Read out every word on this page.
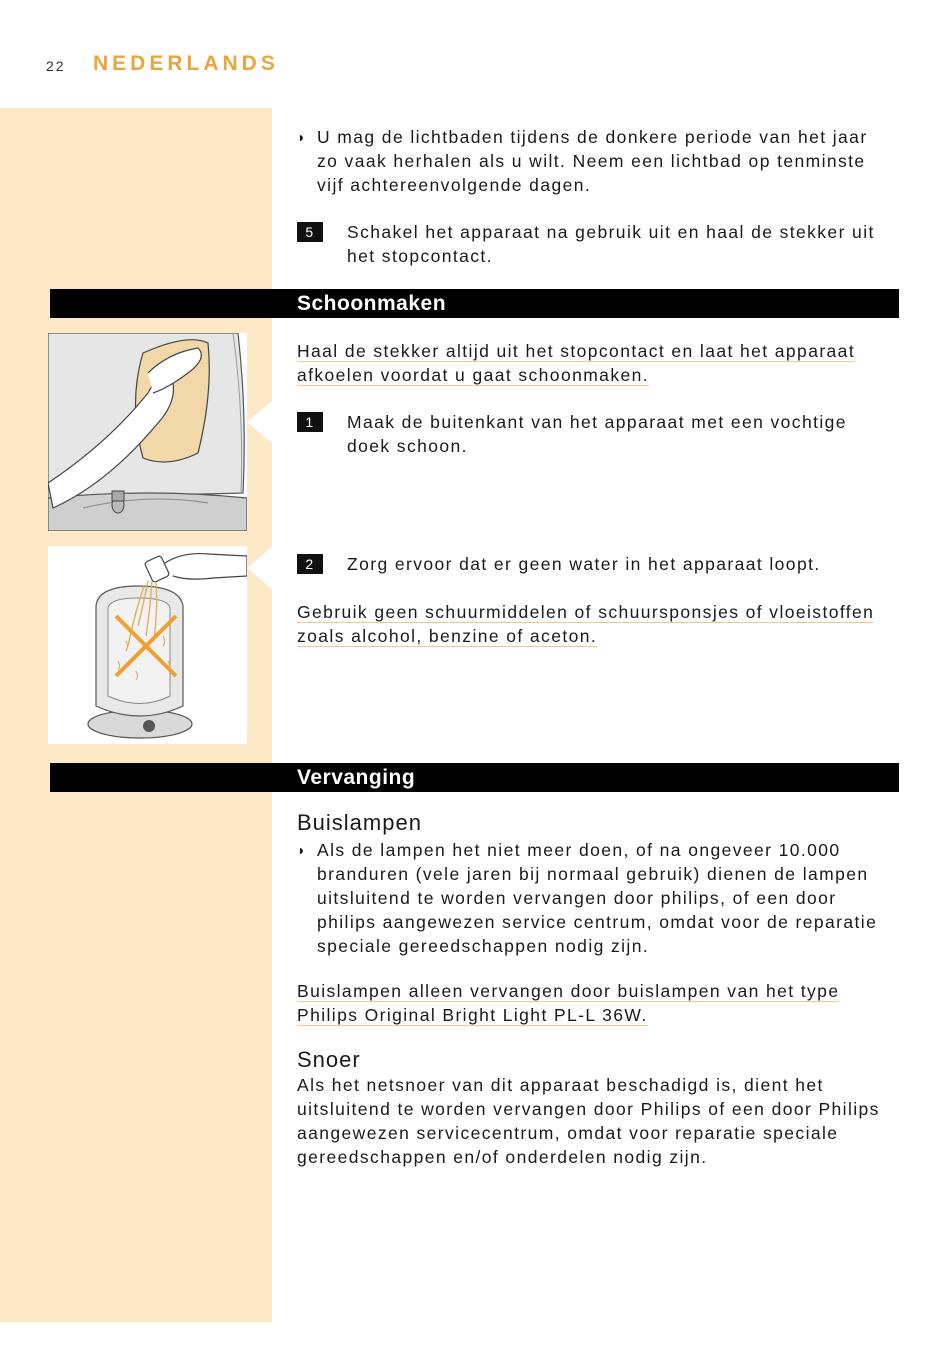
22 NEDERLANDS
◗ U mag de lichtbaden tijdens de donkere periode van het jaar zo vaak herhalen als u wilt. Neem een lichtbad op tenminste vijf achtereenvolgende dagen.
5	Schakel het apparaat na gebruik uit en haal de stekker uit het stopcontact.
Schoonmaken
Haal de stekker altijd uit het stopcontact en laat het apparaat afkoelen voordat u gaat schoonmaken.
1	Maak de buitenkant van het apparaat met een vochtige doek schoon.
2	Zorg ervoor dat er geen water in het apparaat loopt.
Gebruik geen schuurmiddelen of schuursponsjes of vloeistoffen zoals alcohol, benzine of aceton.
Vervanging
Buislampen
◗ Als de lampen het niet meer doen, of na ongeveer 10.000 branduren (vele jaren bij normaal gebruik) dienen de lampen uitsluitend te worden vervangen door philips, of een door philips aangewezen service centrum, omdat voor de reparatie speciale gereedschappen nodig zijn.
Buislampen alleen vervangen door buislampen van het type Philips Original Bright Light PL-L 36W.
Snoer
Als het netsnoer van dit apparaat beschadigd is, dient het uitsluitend te worden vervangen door Philips of een door Philips aangewezen servicecentrum, omdat voor reparatie speciale gereedschappen en/of onderdelen nodig zijn.
